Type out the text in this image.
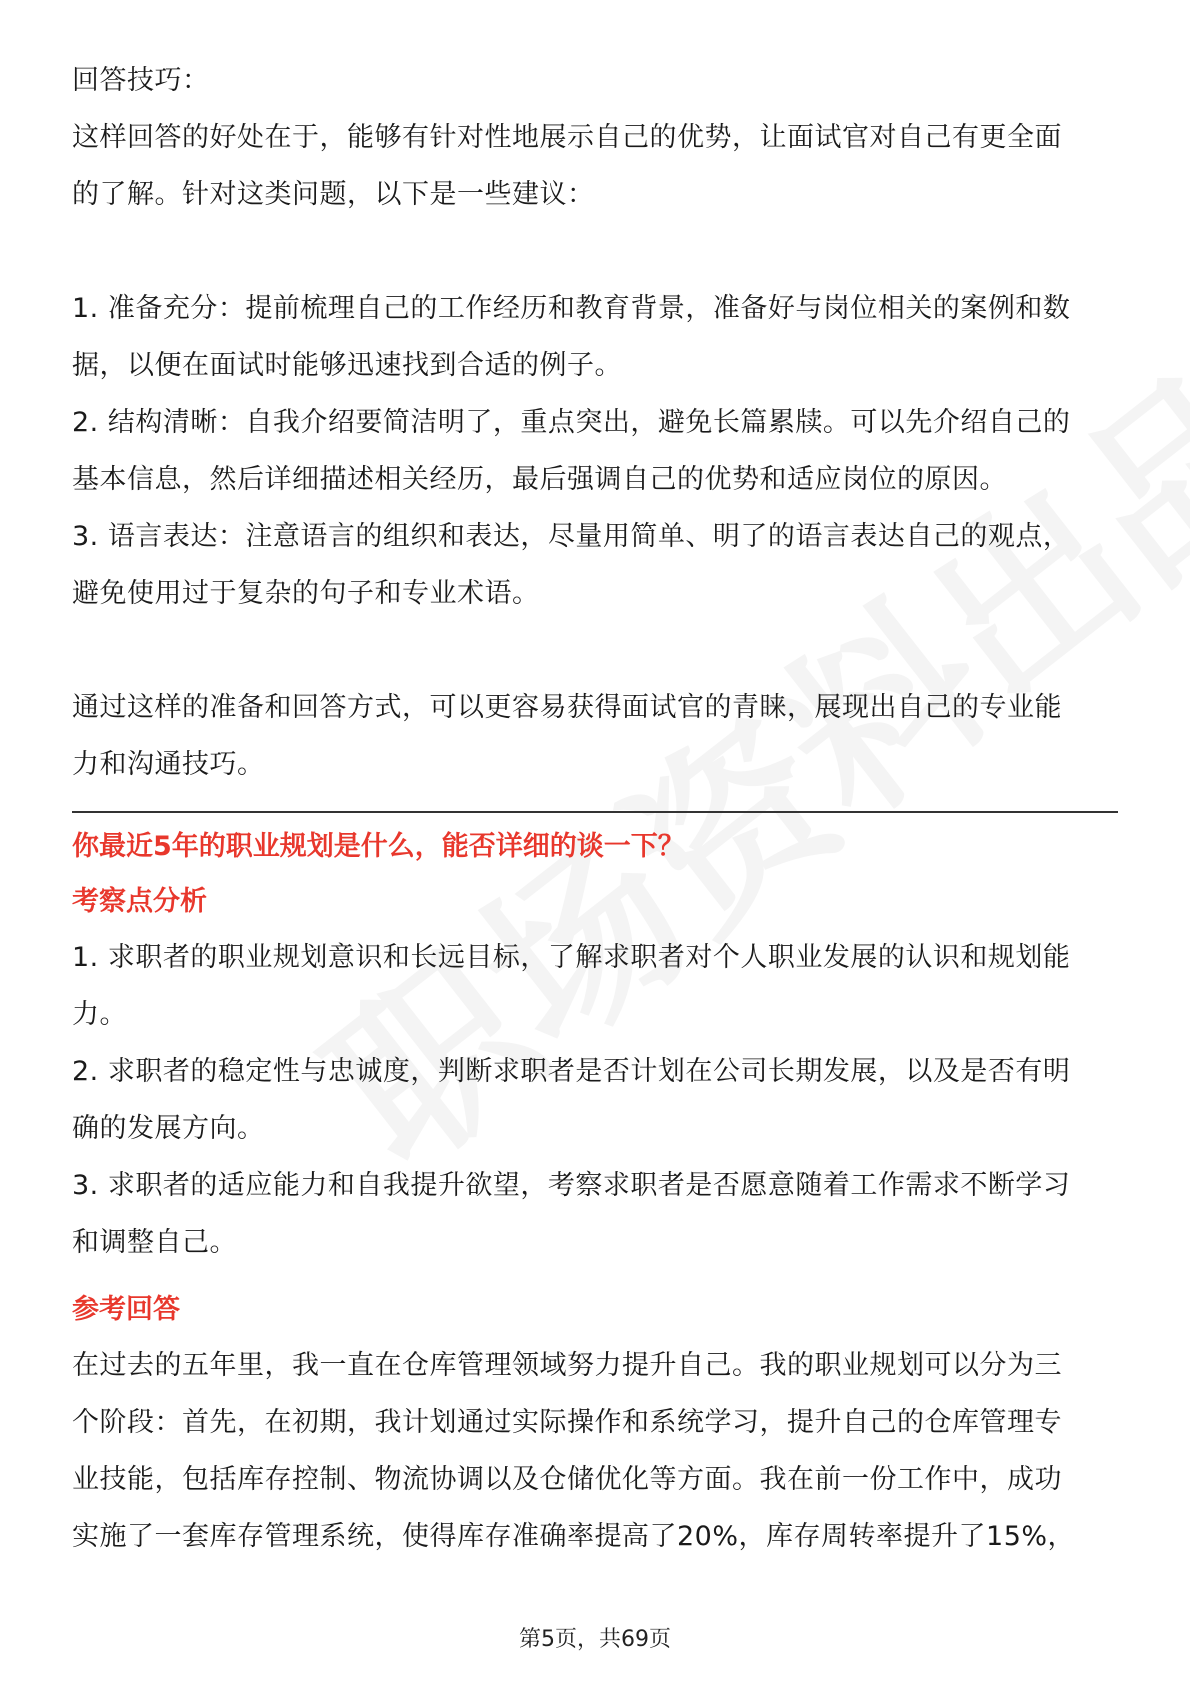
回答技巧：

这样回答的好处在于，能够有针对性地展示自己的优势，让面试官对自己有更全面

的了解。针对这类问题，以下是一些建议：

1. 准备充分：提前梳理自己的工作经历和教育背景，准备好与岗位相关的案例和数

据，以便在面试时能够迅速找到合适的例子。

2. 结构清晰：自我介绍要简洁明了，重点突出，避免长篇累牍。可以先介绍自己的

基本信息，然后详细描述相关经历，最后强调自己的优势和适应岗位的原因。

3. 语言表达：注意语言的组织和表达，尽量用简单、明了的语言表达自己的观点，

避免使用过于复杂的句子和专业术语。

通过这样的准备和回答方式，可以更容易获得面试官的青睐，展现出自己的专业能

力和沟通技巧。

你最近5年的职业规划是什么，能否详细的谈一下？

考察点分析

1. 求职者的职业规划意识和长远目标，了解求职者对个人职业发展的认识和规划能

力。

2. 求职者的稳定性与忠诚度，判断求职者是否计划在公司长期发展，以及是否有明

确的发展方向。

3. 求职者的适应能力和自我提升欲望，考察求职者是否愿意随着工作需求不断学习

和调整自己。

参考回答

在过去的五年里，我一直在仓库管理领域努力提升自己。我的职业规划可以分为三

个阶段：首先，在初期，我计划通过实际操作和系统学习，提升自己的仓库管理专

业技能，包括库存控制、物流协调以及仓储优化等方面。我在前一份工作中，成功

实施了一套库存管理系统，使得库存准确率提高了20%，库存周转率提升了15%，

第5页，共69页
